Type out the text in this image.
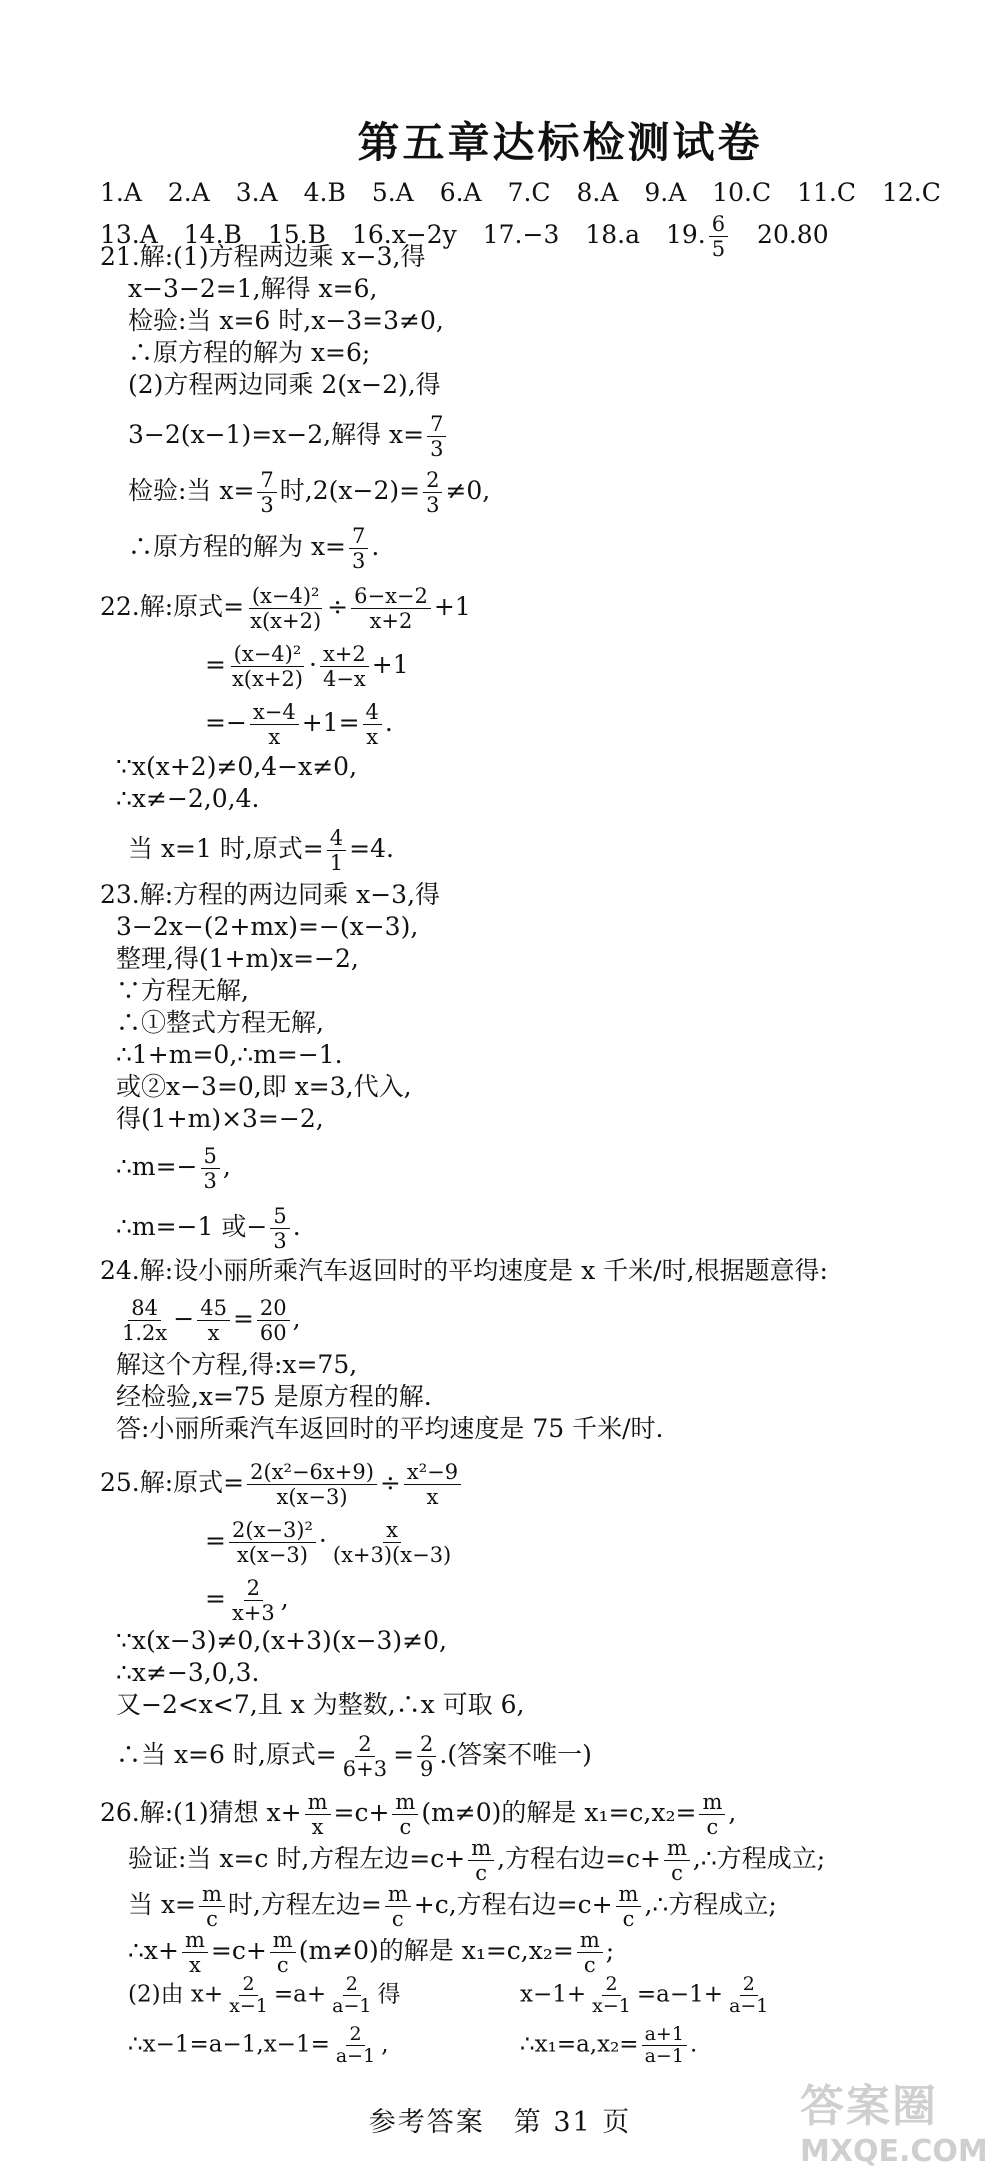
第五章达标检测试卷
1.A 2.A 3.A 4.B 5.A 6.A 7.C 8.A 9.A 10.C 11.C 12.C
13.A 14.B 15.B 16.x−2y 17.−3 18.a 19. $\frac{6}{5} 20.80$
21.解:(1)方程两边乘 x−3,得
x−3−2=1,解得 x=6,
检验:当 x=6 时,x−3=3≠0,
∴原方程的解为 x=6;
(2)方程两边同乘 2(x−2),得
3−2(x−1)=x−2,解得 $x= \frac{7}{3}$
检验:当 $x= \frac{7}{3}$ 时$,2(x-2)= \frac{2}{3} \ne 0$,
∴原方程的解为 $x= \frac{7}{3}$ .
22.解:原式= $\frac{\text{(x−4)²}}{x(x+2)} \div \frac{6-x-2}{x+2} +1$
= $\frac{\text{(x−4)²}}{x(x+2)} \cdot \frac{x+2}{4-x} +1$
=− $\frac{x-4}{x} +1= \frac{4}{x}$ .
∵x(x+2)≠0,4−x≠0,
∴x≠−2,0,4.
当 x=1 时,原式= $\frac{4}{1} =4$.
23.解:方程的两边同乘 x−3,得
3−2x−(2+mx)=−(x−3),
整理,得(1+m)x=−2,
∵方程无解,
∴①整式方程无解,
∴1+m=0,∴m=−1.
或②x−3=0,即 x=3,代入,
得(1+m)×3=−2,
∴m=− $\frac{5}{3}$ ,
∴m=−1 或− $\frac{5}{3}$ .
24.解:设小丽所乘汽车返回时的平均速度是 x 千米/时,根据题意得:
$\frac{84}{1.2x} - \frac{45}{x} = \frac{20}{60}$ ,
解这个方程,得:x=75,
经检验,x=75 是原方程的解.
答:小丽所乘汽车返回时的平均速度是 75 千米/时.
25.解:原式= $\frac{\text{2(x²−6x+9)}}{x(x-3)} \div \frac{\text{x²−9}}{x}$
= $\frac{\text{2(x−3)²}}{x(x-3)} \cdot \frac{x}{(x+3)(x-3)}$
= $\frac{2}{x+3}$ ,
∵x(x−3)≠0,(x+3)(x−3)≠0,
∴x≠−3,0,3.
又−2<x<7,且 x 为整数,∴x 可取 6,
∴当 x=6 时,原式= $\frac{2}{6+3} = \frac{2}{9}$ .(答案不唯一)
26.解:(1)猜想 $x+ \frac{m}{x} =c+ \frac{m}{c} (m\ne 0)$的解是 $x_1=c,x_2= \frac{m}{c}$ ,
验证:当 x=c 时,方程左边$=c+ \frac{m}{c}$ ,方程右边$=c+ \frac{m}{c}$ ,∴方程成立;
当 $x= \frac{m}{c}$ 时,方程左边= $\frac{m}{c} +c$,方程右边$=c+ \frac{m}{c}$ ,∴方程成立;
∴x+ $\frac{m}{x} =c+ \frac{m}{c} (m\ne 0)$的解是 $x_1=c,x_2= \frac{m}{c}$ ;
参考答案　第 31 页	答案圈
MXQE.COM
(2)由 $x+ \frac{2}{x-1} =a+ \frac{2}{a-1}$ 得	$x-1+ \frac{2}{x-1} =a-1+ \frac{2}{a-1}$
∴x−1=a−1,x−1= $\frac{2}{a-1}$ ,	∴x₁=a,x₂= $\frac{a+1}{a-1}$ .
